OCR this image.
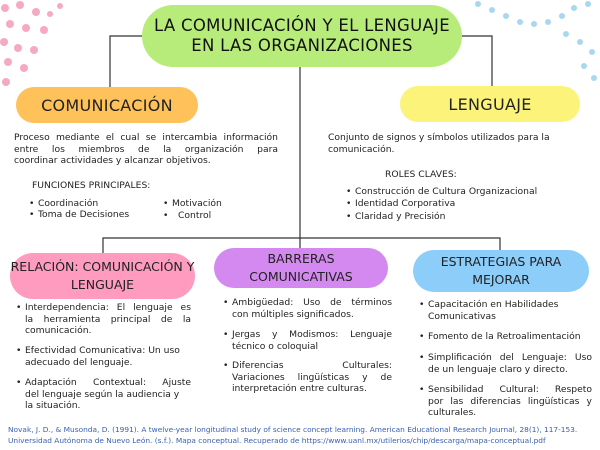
LA COMUNICACIÓN Y EL LENGUAJE
EN LAS ORGANIZACIONES
COMUNICACIÓN	LENGUAJE
Proceso mediante el cual se intercambia información
entre los miembros de la organización para
coordinar actividades y alcanzar objetivos.
FUNCIONES PRINCIPALES:
• Coordinación
• Toma de Decisiones
• Motivación
• Control
Conjunto de signos y símbolos utilizados para la
comunicación.
ROLES CLAVES:
• Construcción de Cultura Organizacional
• Identidad Corporativa
• Claridad y Precisión
RELACIÓN: COMUNICACIÓN Y
LENGUAJE
BARRERAS
COMUNICATIVAS
ESTRATEGIAS PARA
MEJORAR
• Interdependencia: El lenguaje es
la herramienta principal de la
comunicación.
• Efectividad Comunicativa: Un uso
adecuado del lenguaje.
• Adaptación Contextual: Ajuste
del lenguaje según la audiencia y
la situación.
• Ambigüedad: Uso de términos
con múltiples significados.
• Jergas y Modismos: Lenguaje
técnico o coloquial
• Diferencias Culturales:
Variaciones lingüísticas y de
interpretación entre culturas.
• Capacitación en Habilidades
Comunicativas
• Fomento de la Retroalimentación
• Simplificación del Lenguaje: Uso
de un lenguaje claro y directo.
• Sensibilidad Cultural: Respeto
por las diferencias lingüísticas y
culturales.
Novak, J. D., & Musonda, D. (1991). A twelve-year longitudinal study of science concept learning. American Educational Research Journal, 28(1), 117-153.
Universidad Autónoma de Nuevo León. (s.f.). Mapa conceptual. Recuperado de https://www.uanl.mx/utilerios/chip/descarga/mapa-conceptual.pdf
